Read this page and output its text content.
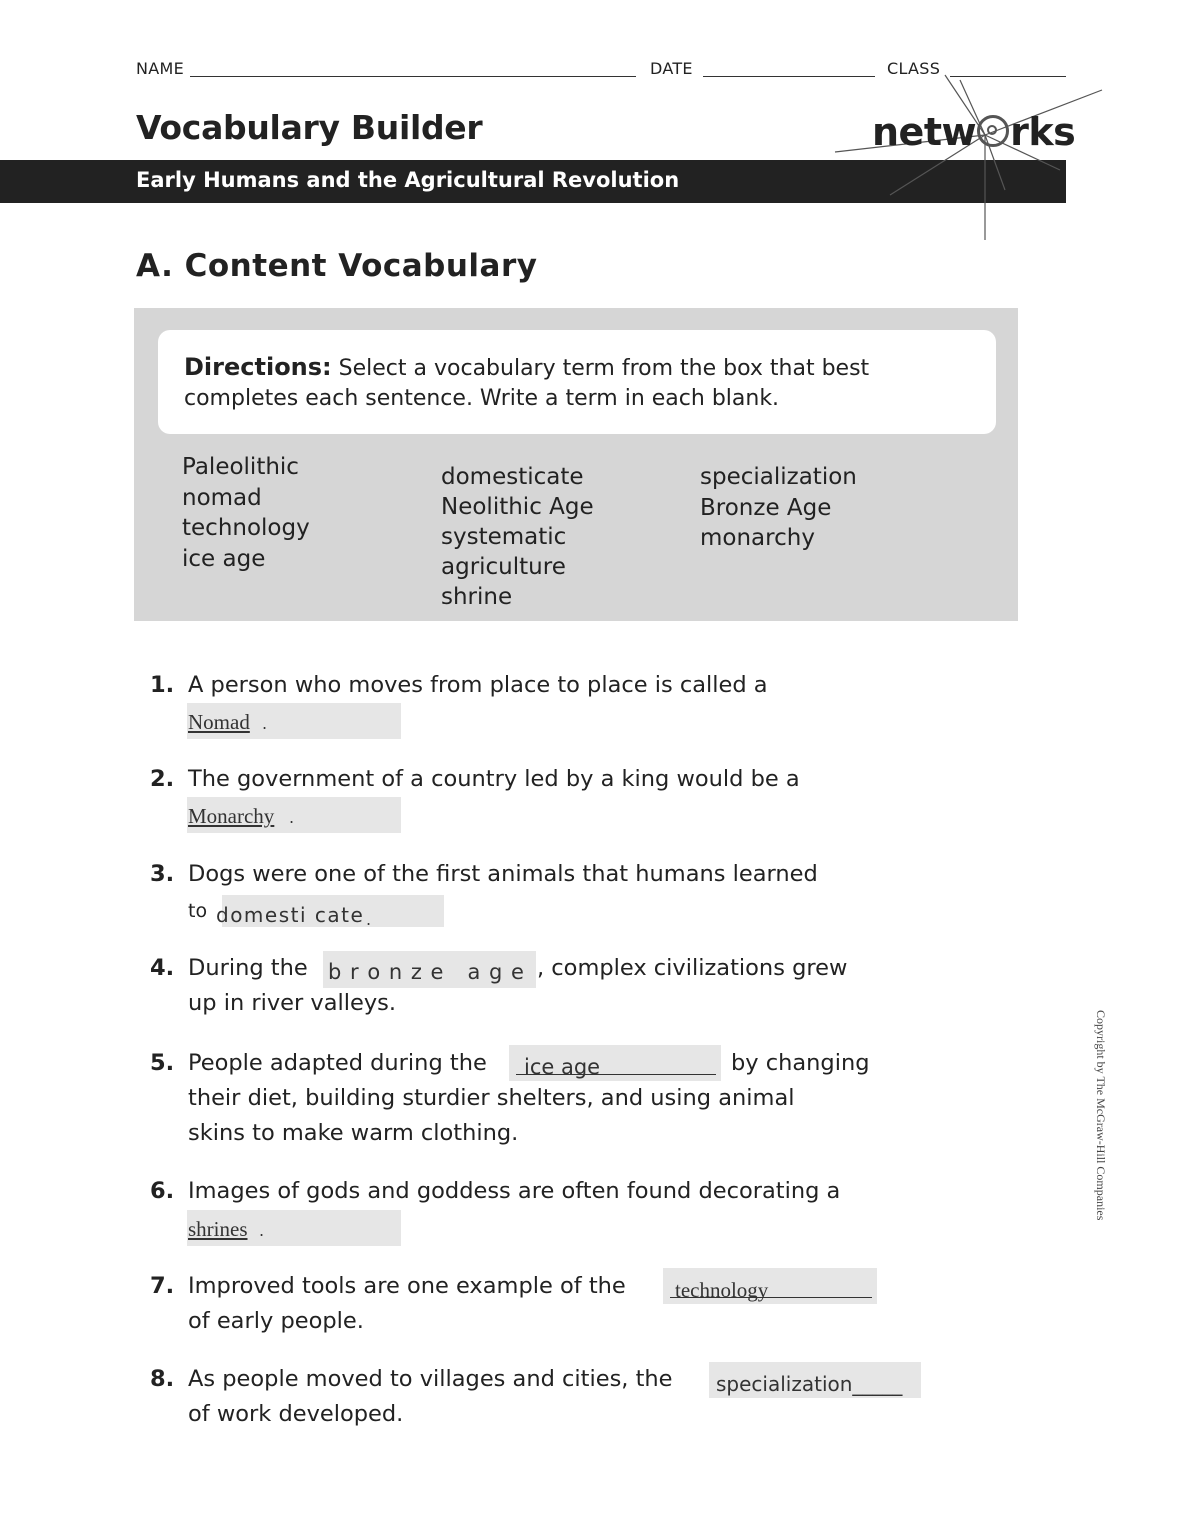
NAME	DATE	CLASS
Vocabulary Builder
Early Humans and the Agricultural Revolution
netw rks
A. Content Vocabulary
Directions: Select a vocabulary term from the box that best
completes each sentence. Write a term in each blank.
Paleolithic
nomad
technology
ice age
domesticate
Neolithic Age
systematic
agriculture
shrine
specialization
Bronze Age
monarchy
1. A person who moves from place to place is called a
Nomad .
2. The government of a country led by a king would be a
Monarchy .
3. Dogs were one of the first animals that humans learned
to domesti cate .
4. During the b r o n z e   a g e , complex civilizations grew
up in river valleys.
5. People adapted during the ice age	by changing
their diet, building sturdier shelters, and using animal
skins to make warm clothing.
6. Images of gods and goddess are often found decorating a
shrines .
7. Improved tools are one example of the technology
of early people.
8. As people moved to villages and cities, the specialization_____
of work developed.
Copyright by The McGraw-Hill Companies
